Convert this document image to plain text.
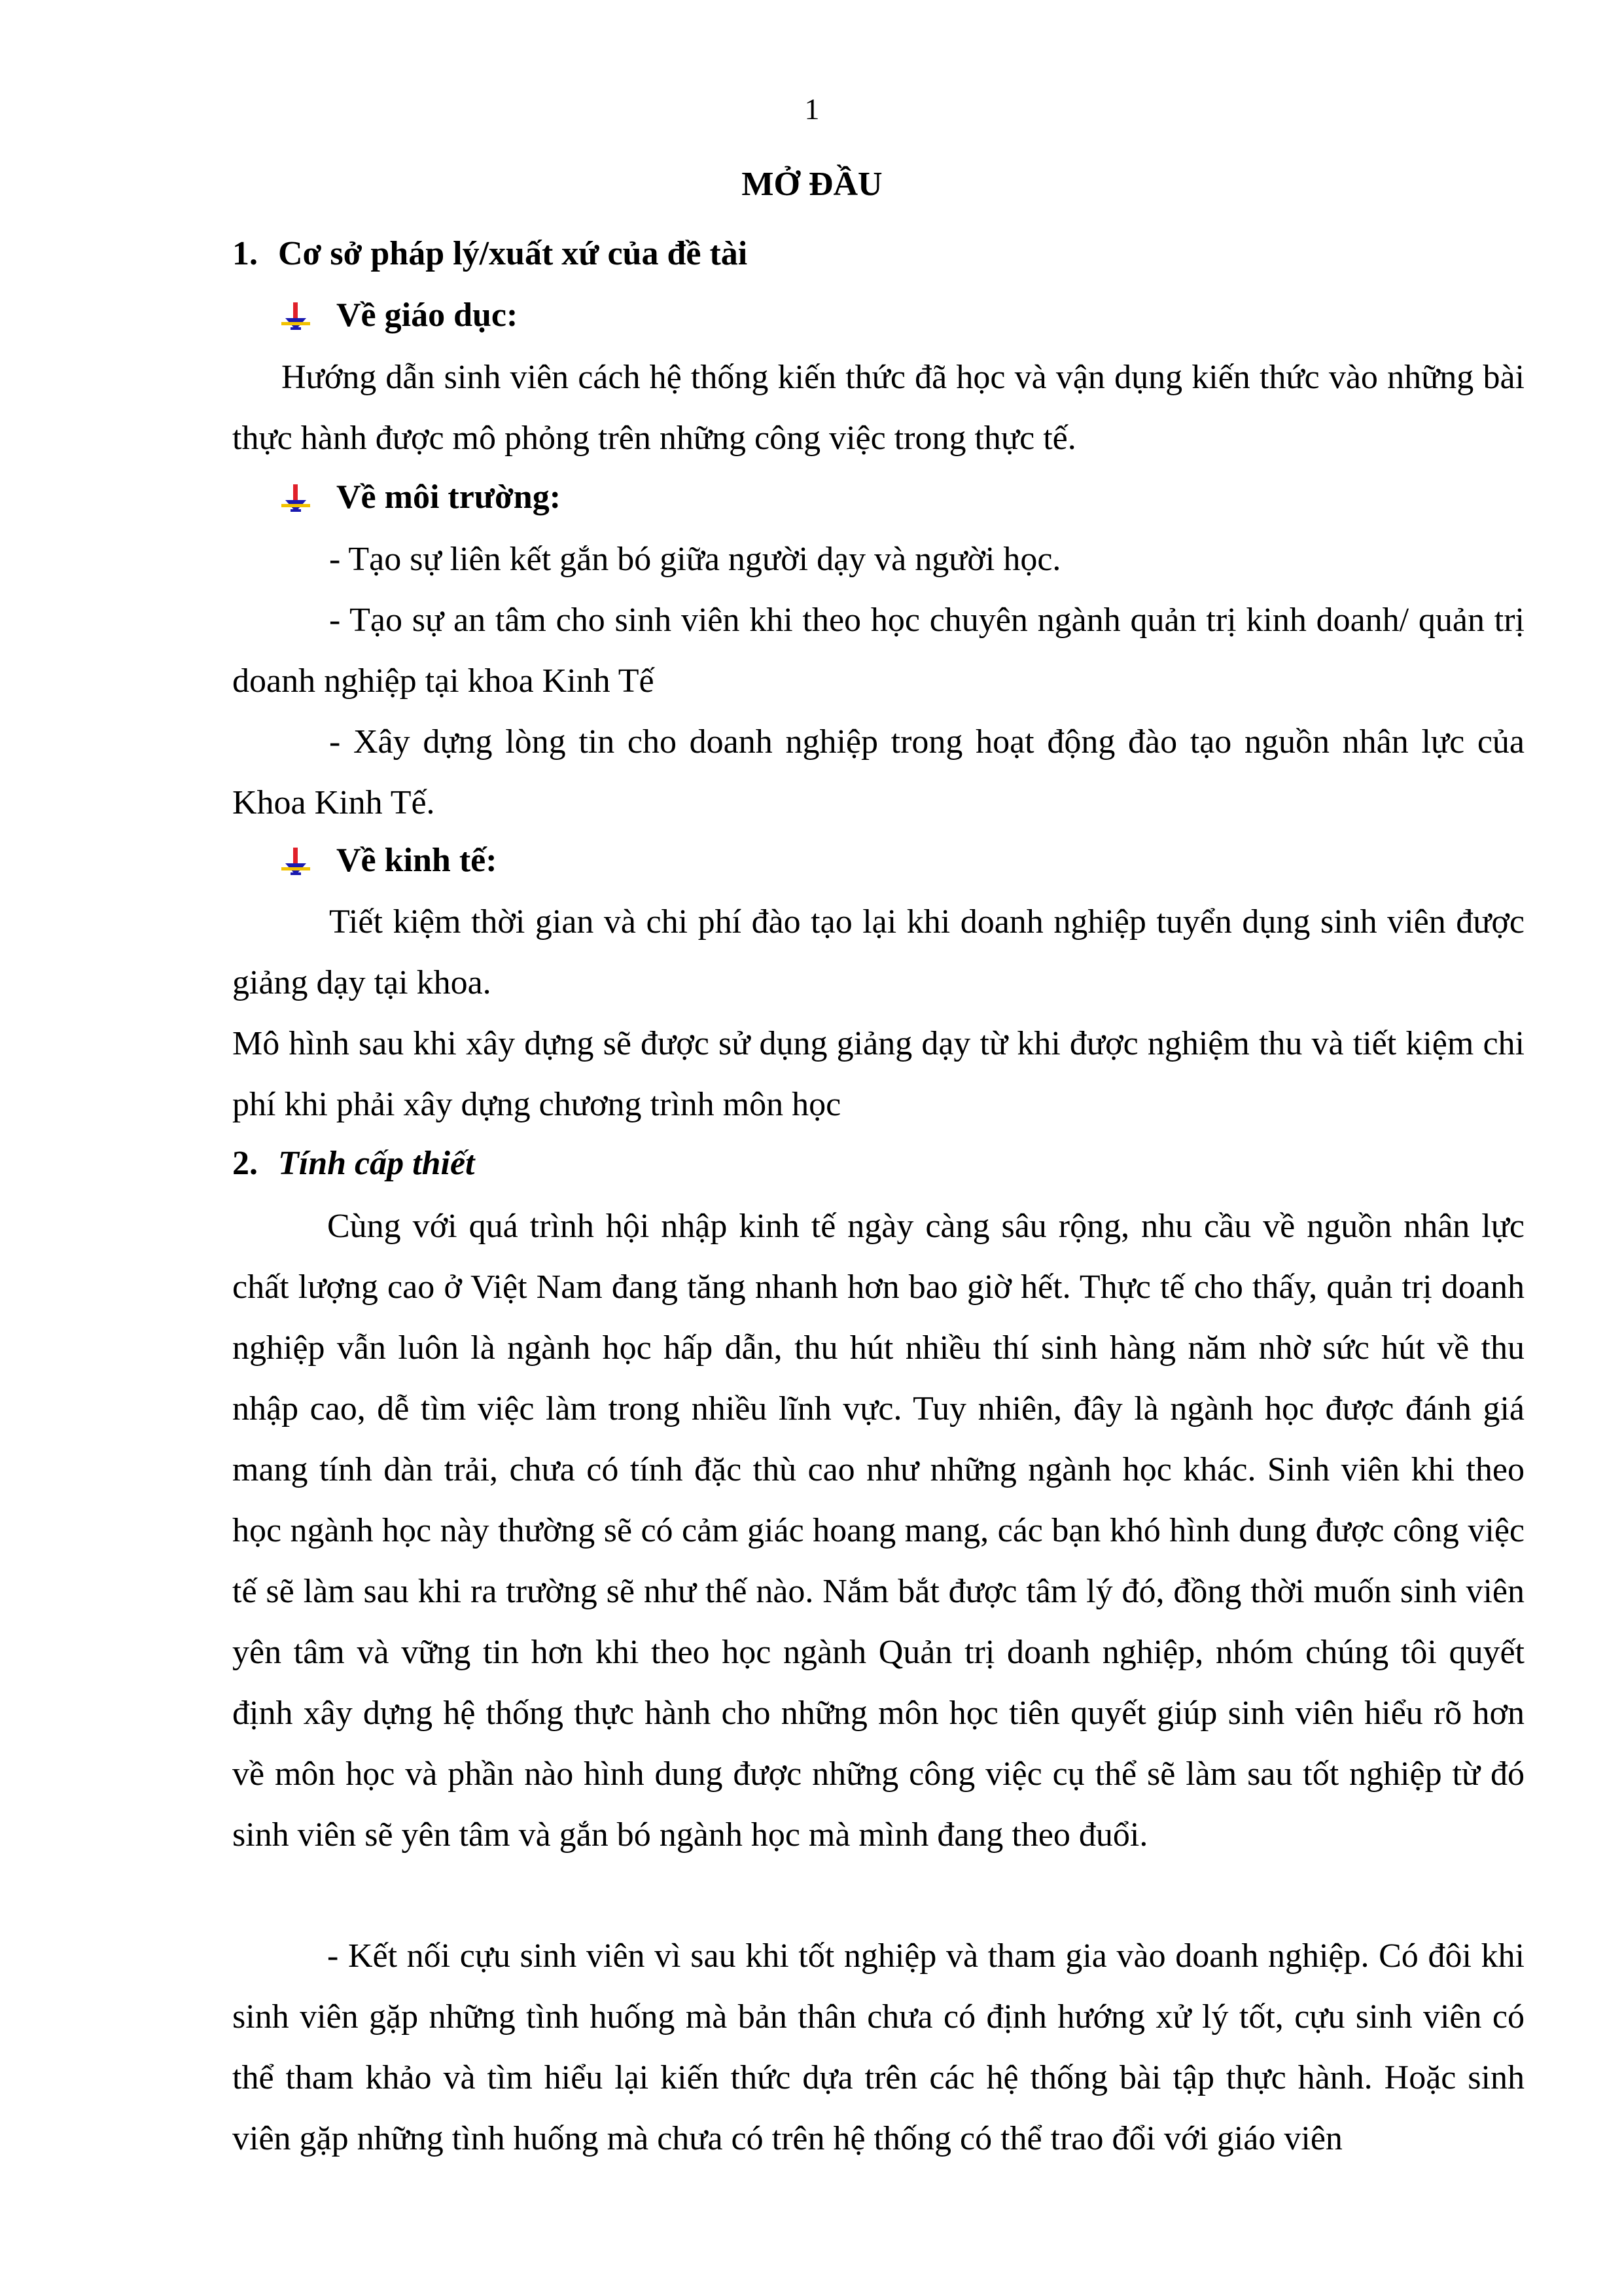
1
MỞ ĐẦU
1. Cơ sở pháp lý/xuất xứ của đề tài
Về giáo dục:
Hướng dẫn sinh viên cách hệ thống kiến thức đã học và vận dụng kiến thức vào những bài thực hành được mô phỏng trên những công việc trong thực tế.
Về môi trường:
- Tạo sự liên kết gắn bó giữa người dạy và người học.
- Tạo sự an tâm cho sinh viên khi theo học chuyên ngành quản trị kinh doanh/ quản trị doanh nghiệp tại khoa Kinh Tế
- Xây dựng lòng tin cho doanh nghiệp trong hoạt động đào tạo nguồn nhân lực của Khoa Kinh Tế.
Về kinh tế:
Tiết kiệm thời gian và chi phí đào tạo lại khi doanh nghiệp tuyển dụng sinh viên được giảng dạy tại khoa.
Mô hình sau khi xây dựng sẽ được sử dụng giảng dạy từ khi được nghiệm thu và tiết kiệm chi phí khi phải xây dựng chương trình môn học
2. Tính cấp thiết
Cùng với quá trình hội nhập kinh tế ngày càng sâu rộng, nhu cầu về nguồn nhân lực chất lượng cao ở Việt Nam đang tăng nhanh hơn bao giờ hết. Thực tế cho thấy, quản trị doanh nghiệp vẫn luôn là ngành học hấp dẫn, thu hút nhiều thí sinh hàng năm nhờ sức hút về thu nhập cao, dễ tìm việc làm trong nhiều lĩnh vực. Tuy nhiên, đây là ngành học được đánh giá mang tính dàn trải, chưa có tính đặc thù cao như những ngành học khác. Sinh viên khi theo học ngành học này thường sẽ có cảm giác hoang mang, các bạn khó hình dung được công việc tế sẽ làm sau khi ra trường sẽ như thế nào. Nắm bắt được tâm lý đó, đồng thời muốn sinh viên yên tâm và vững tin hơn khi theo học ngành Quản trị doanh nghiệp, nhóm chúng tôi quyết định xây dựng hệ thống thực hành cho những môn học tiên quyết giúp sinh viên hiểu rõ hơn về môn học và phần nào hình dung được những công việc cụ thể sẽ làm sau tốt nghiệp từ đó sinh viên sẽ yên tâm và gắn bó ngành học mà mình đang theo đuổi.
- Kết nối cựu sinh viên vì sau khi tốt nghiệp và tham gia vào doanh nghiệp. Có đôi khi sinh viên gặp những tình huống mà bản thân chưa có định hướng xử lý tốt, cựu sinh viên có thể tham khảo và tìm hiểu lại kiến thức dựa trên các hệ thống bài tập thực hành. Hoặc sinh viên gặp những tình huống mà chưa có trên hệ thống có thể trao đổi với giáo viên
